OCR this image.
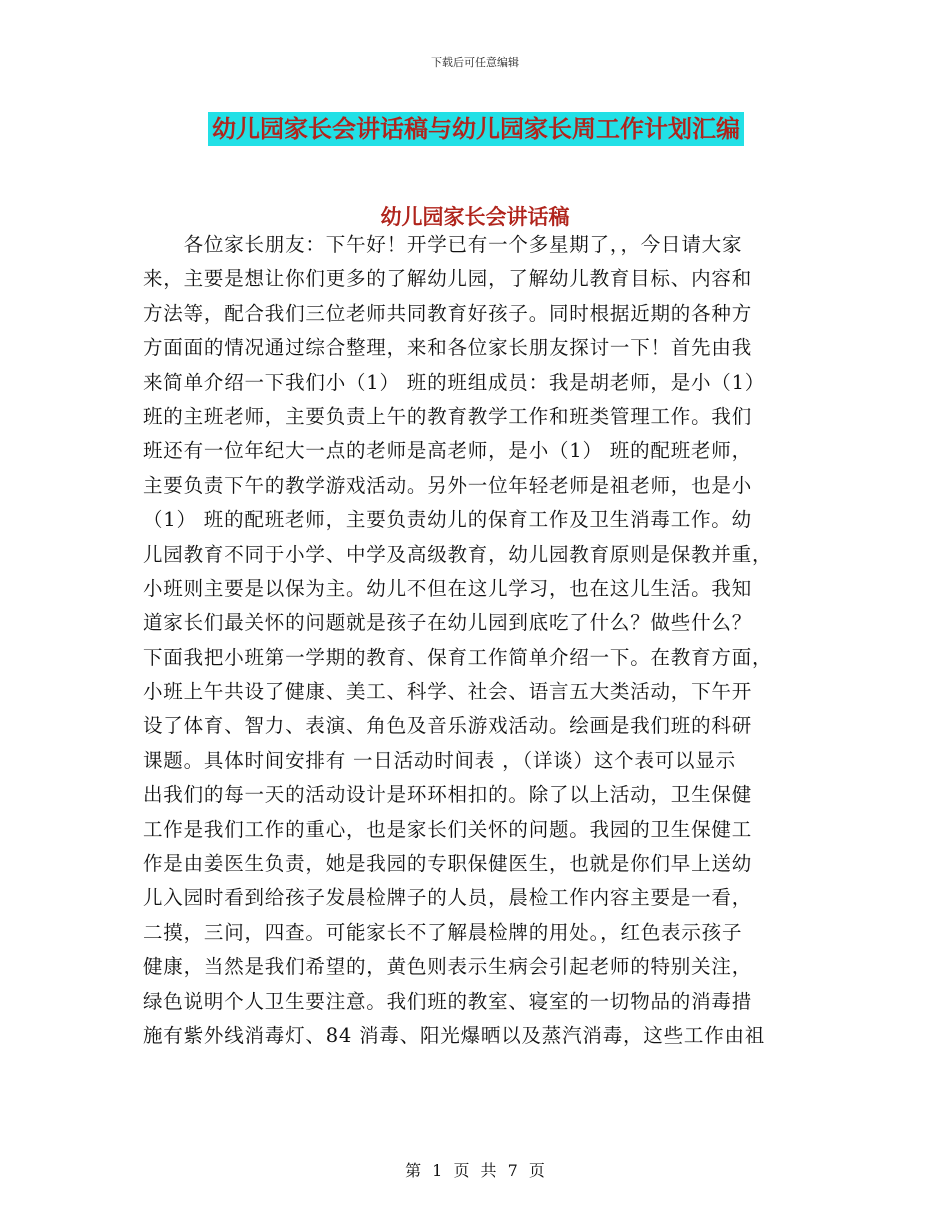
下载后可任意编辑
幼儿园家长会讲话稿与幼儿园家长周工作计划汇编
幼儿园家长会讲话稿
　　各位家长朋友：下午好！开学已有一个多星期了，，今日请大家
来，主要是想让你们更多的了解幼儿园，了解幼儿教育目标、内容和
方法等，配合我们三位老师共同教育好孩子。同时根据近期的各种方
方面面的情况通过综合整理，来和各位家长朋友探讨一下！首先由我
来简单介绍一下我们小（1） 班的班组成员：我是胡老师，是小（1）
班的主班老师，主要负责上午的教育教学工作和班类管理工作。我们
班还有一位年纪大一点的老师是高老师，是小（1） 班的配班老师，
主要负责下午的教学游戏活动。另外一位年轻老师是祖老师，也是小
（1） 班的配班老师，主要负责幼儿的保育工作及卫生消毒工作。幼
儿园教育不同于小学、中学及高级教育，幼儿园教育原则是保教并重，
小班则主要是以保为主。幼儿不但在这儿学习，也在这儿生活。我知
道家长们最关怀的问题就是孩子在幼儿园到底吃了什么？做些什么？
下面我把小班第一学期的教育、保育工作简单介绍一下。在教育方面，
小班上午共设了健康、美工、科学、社会、语言五大类活动，下午开
设了体育、智力、表演、角色及音乐游戏活动。绘画是我们班的科研
课题。具体时间安排有 一日活动时间表 ，（详谈）这个表可以显示
出我们的每一天的活动设计是环环相扣的。除了以上活动，卫生保健
工作是我们工作的重心，也是家长们关怀的问题。我园的卫生保健工
作是由姜医生负责，她是我园的专职保健医生，也就是你们早上送幼
儿入园时看到给孩子发晨检牌子的人员，晨检工作内容主要是一看，
二摸，三问，四查。可能家长不了解晨检牌的用处。，红色表示孩子
健康，当然是我们希望的，黄色则表示生病会引起老师的特别关注，
绿色说明个人卫生要注意。我们班的教室、寝室的一切物品的消毒措
施有紫外线消毒灯、84 消毒、阳光爆晒以及蒸汽消毒，这些工作由祖
第 1 页 共 7 页
